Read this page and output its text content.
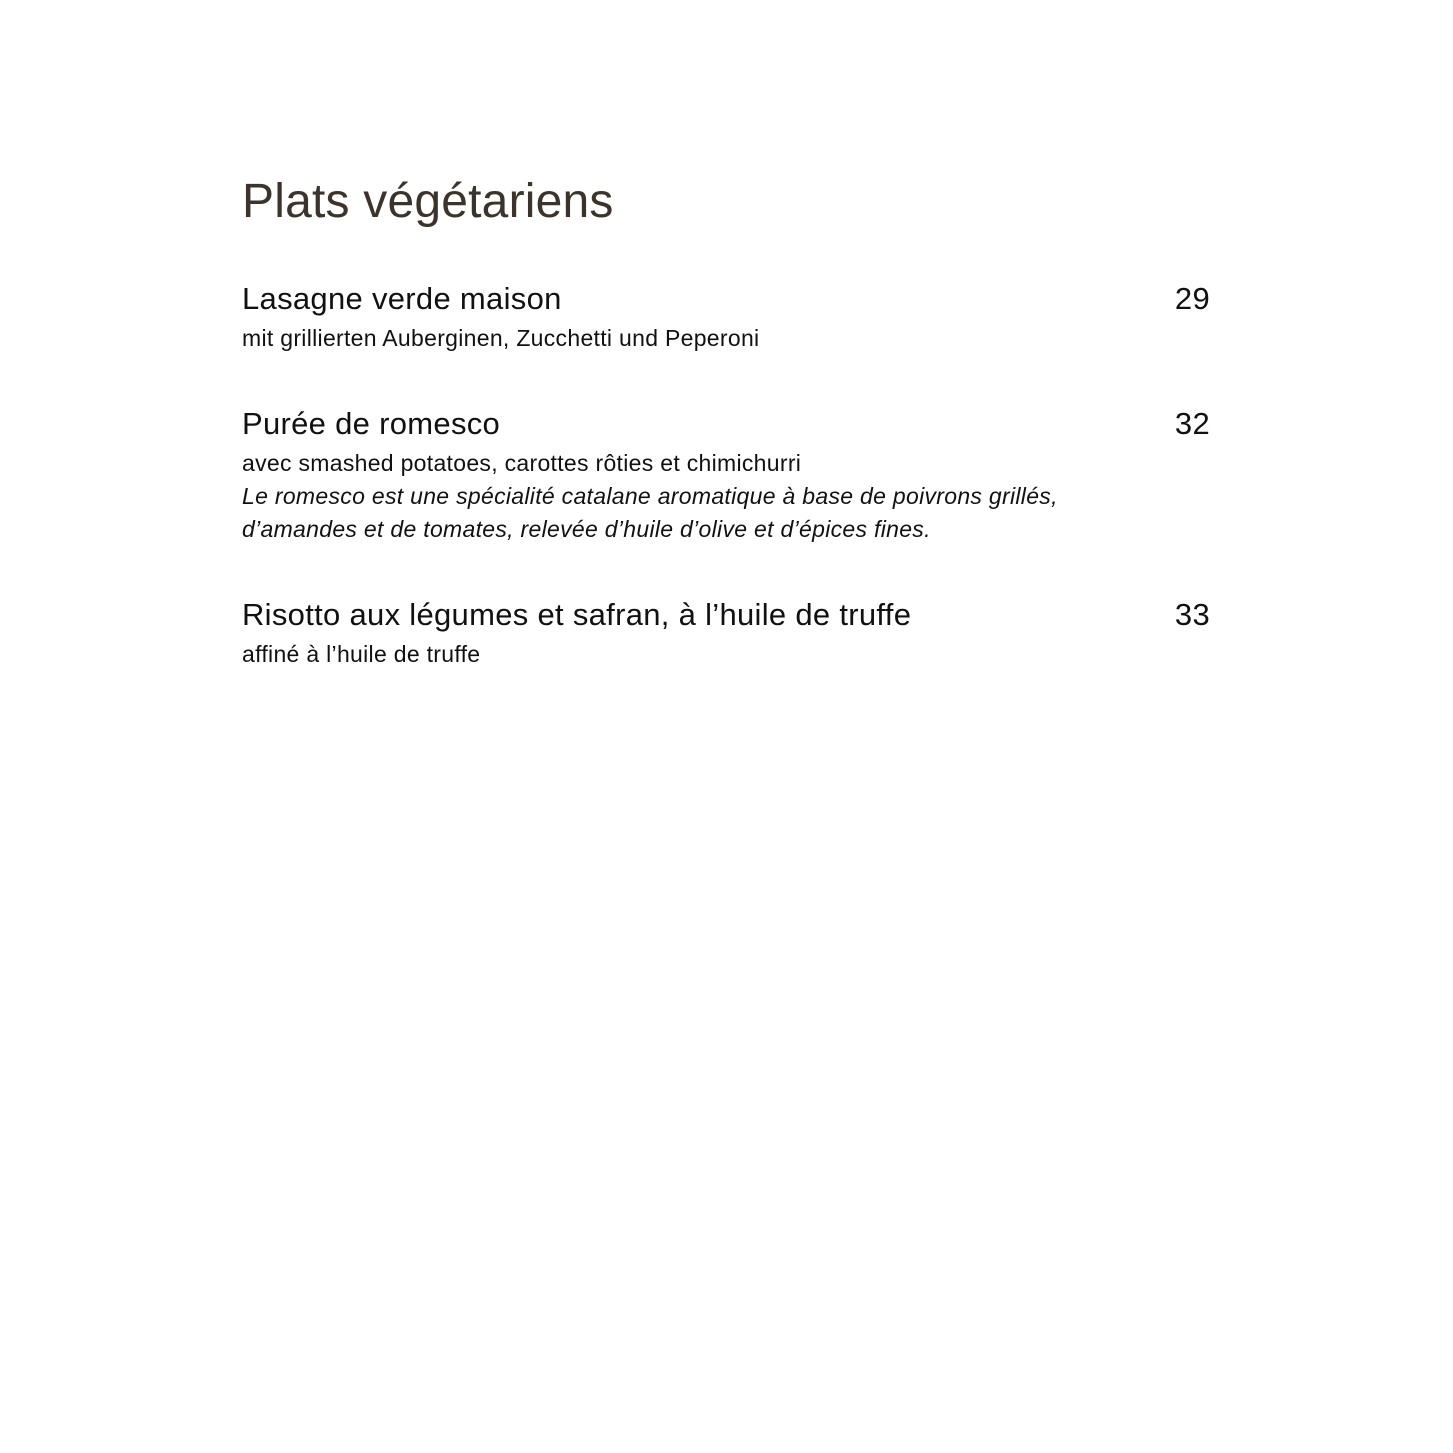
Plats végétariens
Lasagne verde maison	29
mit grillierten Auberginen, Zucchetti und Peperoni
Purée de romesco	32
avec smashed potatoes, carottes rôties et chimichurri
Le romesco est une spécialité catalane aromatique à base de poivrons grillés, d’amandes et de tomates, relevée d’huile d’olive et d’épices fines.
Risotto aux légumes et safran, à l’huile de truffe	33
affiné à l’huile de truffe
